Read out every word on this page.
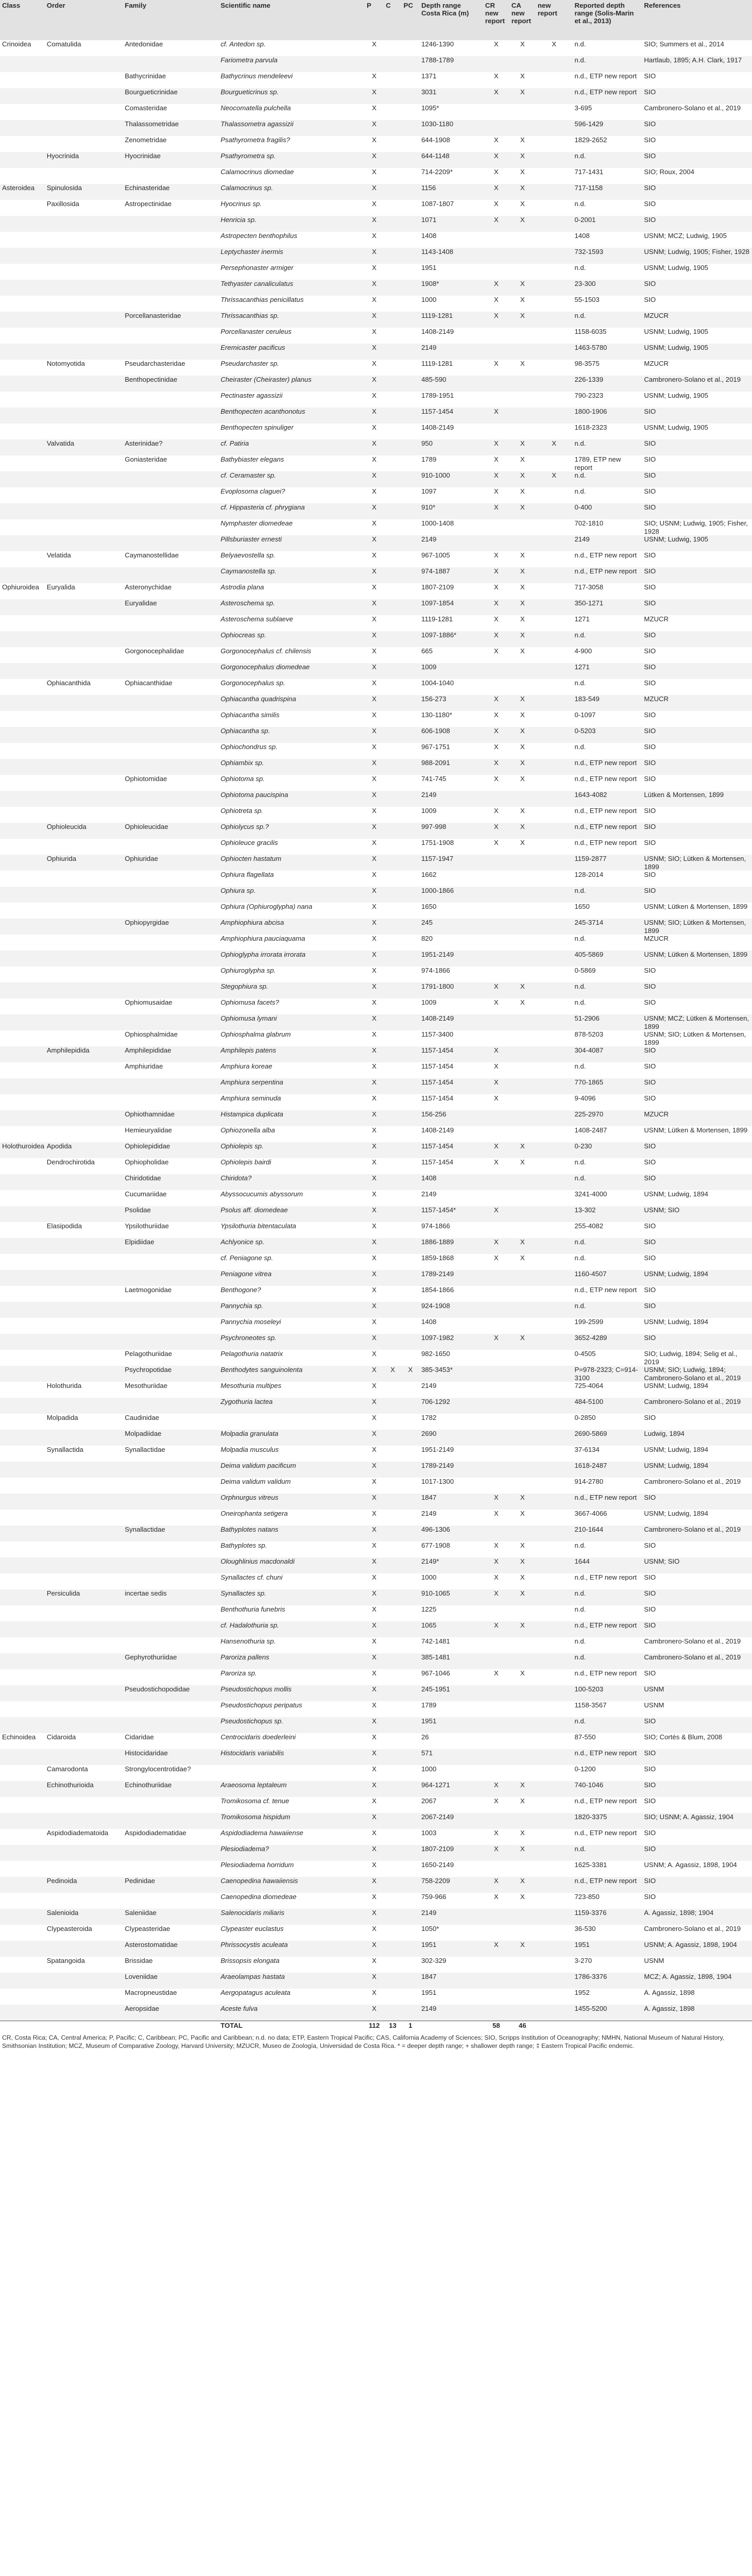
Class	Order	Family	Scientific name	P	C	PC	Depth range Costa Rica (m)	CR new report	CA new report	new report	Reported depth range (Solis-Marin et al., 2013)	References
Crinoidea	Comatulida	Antedonidae	cf. Antedon sp.	X			1246-1390	X	X	X	n.d.	SIO; Summers et al., 2014
			Fariometra parvula				1788-1789				n.d.	Hartlaub, 1895; A.H. Clark, 1917
		Bathycrinidae	Bathycrinus mendeleevi	X			1371	X	X		n.d., ETP new report	SIO
		Bourgueticrinidae	Bourgueticrinus sp.	X			3031	X	X		n.d., ETP new report	SIO
		Comasteridae	Neocomatella pulchella	X			1095*				3-695	Cambronero-Solano et al., 2019
		Thalassometridae	Thalassometra agassizii	X			1030-1180				596-1429	SIO
		Zenometridae	Psathyrometra fragilis?	X			644-1908	X	X		1829-2652	SIO
	Hyocrinida	Hyocrinidae	Psathyrometra sp.	X			644-1148	X	X		n.d.	SIO
			Calamocrinus diomedae	X			714-2209*	X	X		717-1431	SIO; Roux, 2004
Asteroidea	Spinulosida	Echinasteridae	Calamocrinus sp.	X			1156	X	X		717-1158	SIO
	Paxillosida	Astropectinidae	Hyocrinus sp.	X			1087-1807	X	X		n.d.	SIO
			Henricia sp.	X			1071	X	X		0-2001	SIO
			Astropecten benthophilus	X			1408				1408	USNM; MCZ; Ludwig, 1905
			Leptychaster inermis	X			1143-1408				732-1593	USNM; Ludwig, 1905; Fisher, 1928
			Persephonaster armiger	X			1951				n.d.	USNM; Ludwig, 1905
			Tethyaster canaliculatus	X			1908*	X	X		23-300	SIO
			Thrissacanthias penicillatus	X			1000	X	X		55-1503	SIO
		Porcellanasteridae	Thrissacanthias sp.	X			1119-1281	X	X		n.d.	MZUCR
			Porcellanaster ceruleus	X			1408-2149				1158-6035	USNM; Ludwig, 1905
			Eremicaster pacificus	X			2149				1463-5780	USNM; Ludwig, 1905
	Notomyotida	Pseudarchasteridae	Pseudarchaster sp.	X			1119-1281	X	X		98-3575	MZUCR
		Benthopectinidae	Cheiraster (Cheiraster) planus	X			485-590				226-1339	Cambronero-Solano et al., 2019
			Pectinaster agassizii	X			1789-1951				790-2323	USNM; Ludwig, 1905
			Benthopecten acanthonotus	X			1157-1454	X			1800-1906	SIO
			Benthopecten spinuliger	X			1408-2149				1618-2323	USNM; Ludwig, 1905
	Valvatida	Asterinidae?	cf. Patiria	X			950	X	X	X	n.d.	SIO
		Goniasteridae	Bathybiaster elegans	X			1789	X	X		1789, ETP new report	SIO
			cf. Ceramaster sp.	X			910-1000	X	X	X	n.d.	SIO
			Evoplosoma claguei?	X			1097	X	X		n.d.	SIO
			cf. Hippasteria cf. phrygiana	X			910*	X	X		0-400	SIO
			Nymphaster diomedeae	X			1000-1408				702-1810	SIO; USNM; Ludwig, 1905; Fisher, 1928
			Pillsburiaster ernesti	X			2149				2149	USNM; Ludwig, 1905
	Velatida	Caymanostellidae	Belyaevostella sp.	X			967-1005	X	X		n.d., ETP new report	SIO
			Caymanostella sp.	X			974-1887	X	X		n.d., ETP new report	SIO
Ophiuroidea	Euryalida	Asteronychidae	Astrodia plana	X			1807-2109	X	X		717-3058	SIO
		Euryalidae	Asteroschema sp.	X			1097-1854	X	X		350-1271	SIO
			Asteroschema sublaeve	X			1119-1281	X	X		1271	MZUCR
			Ophiocreas sp.	X			1097-1886*	X	X		n.d.	SIO
		Gorgonocephalidae	Gorgonocephalus cf. chilensis	X			665	X	X		4-900	SIO
			Gorgonocephalus diomedeae	X			1009				1271	SIO
	Ophiacanthida	Ophiacanthidae	Gorgonocephalus sp.	X			1004-1040				n.d.	SIO
			Ophiacantha quadrispina	X			156-273	X	X		183-549	MZUCR
			Ophiacantha similis	X			130-1180*	X	X		0-1097	SIO
			Ophiacantha sp.	X			606-1908	X	X		0-5203	SIO
			Ophiochondrus sp.	X			967-1751	X	X		n.d.	SIO
			Ophiambix sp.	X			988-2091	X	X		n.d., ETP new report	SIO
		Ophiotomidae	Ophiotoma sp.	X			741-745	X	X		n.d., ETP new report	SIO
			Ophiotoma paucispina	X			2149				1643-4082	Lütken & Mortensen, 1899
			Ophiotreta sp.	X			1009	X	X		n.d., ETP new report	SIO
	Ophioleucida	Ophioleucidae	Ophiolycus sp.?	X			997-998	X	X		n.d., ETP new report	SIO
			Ophioleuce gracilis	X			1751-1908	X	X		n.d., ETP new report	SIO
	Ophiurida	Ophiuridae	Ophiocten hastatum	X			1157-1947				1159-2877	USNM; SIO; Lütken & Mortensen, 1899
			Ophiura flagellata	X			1662				128-2014	SIO
			Ophiura sp.	X			1000-1866				n.d.	SIO
			Ophiura (Ophiuroglypha) nana	X			1650				1650	USNM; Lütken & Mortensen, 1899
		Ophiopyrgidae	Amphiophiura abcisa	X			245				245-3714	USNM; SIO; Lütken & Mortensen, 1899
			Amphiophiura pauciaquama	X			820				n.d.	MZUCR
			Ophioglypha irrorata irrorata	X			1951-2149				405-5869	USNM; Lütken & Mortensen, 1899
			Ophiuroglypha sp.	X			974-1866				0-5869	SIO
			Stegophiura sp.	X			1791-1800	X	X		n.d.	SIO
		Ophiomusaidae	Ophiomusa facets?	X			1009	X	X		n.d.	SIO
			Ophiomusa lymani	X			1408-2149				51-2906	USNM; MCZ; Lütken & Mortensen, 1899
		Ophiosphalmidae	Ophiosphalma glabrum	X			1157-3400				878-5203	USNM; SIO; Lütken & Mortensen, 1899
	Amphilepidida	Amphilepididae	Amphilepis patens	X			1157-1454	X			304-4087	SIO
		Amphiuridae	Amphiura koreae	X			1157-1454	X			n.d.	SIO
			Amphiura serpentina	X			1157-1454	X			770-1865	SIO
			Amphiura seminuda	X			1157-1454	X			9-4096	SIO
		Ophiothamnidae	Histampica duplicata	X			156-256				225-2970	MZUCR
		Hemieuryalidae	Ophiozonella alba	X			1408-2149				1408-2487	USNM; Lütken & Mortensen, 1899
Holothuroidea	Apodida	Ophiolepididae	Ophiolepis sp.	X			1157-1454	X	X		0-230	SIO
	Dendrochirotida	Ophiopholidae	Ophiolepis bairdi	X			1157-1454	X	X		n.d.	SIO
		Chiridotidae	Chiridota?	X			1408				n.d.	SIO
		Cucumariidae	Abyssocucumis abyssorum	X			2149				3241-4000	USNM; Ludwig, 1894
		Psolidae	Psolus aff. diomedeae	X			1157-1454*	X			13-302	USNM; SIO
	Elasipodida	Ypsilothuriidae	Ypsilothuria bitentaculata	X			974-1866				255-4082	SIO
		Elpidiidae	Achlyonice sp.	X			1886-1889	X	X		n.d.	SIO
			cf. Peniagone sp.	X			1859-1868	X	X		n.d.	SIO
			Peniagone vitrea	X			1789-2149				1160-4507	USNM; Ludwig, 1894
		Laetmogonidae	Benthogone?	X			1854-1866				n.d., ETP new report	SIO
			Pannychia sp.	X			924-1908				n.d.	SIO
			Pannychia moseleyi	X			1408				199-2599	USNM; Ludwig, 1894
			Psychroneotes sp.	X			1097-1982	X	X		3652-4289	SIO
		Pelagothuriidae	Pelagothuria natatrix	X			982-1650				0-4505	SIO; Ludwig, 1894; Selig et al., 2019
		Psychropotidae	Benthodytes sanguinolenta	X	X	X	385-3453*				P=978-2323; C=914-3100	USNM; SIO; Ludwig, 1894; Cambronero-Solano et al., 2019
	Holothurida	Mesothuriidae	Mesothuria multipes	X			2149				725-4064	USNM; Ludwig, 1894
			Zygothuria lactea	X			706-1292				484-5100	Cambronero-Solano et al., 2019
	Molpadida	Caudinidae		X			1782				0-2850	SIO
		Molpadiidae	Molpadia granulata	X			2690				2690-5869	Ludwig, 1894
	Synallactida	Synallactidae	Molpadia musculus	X			1951-2149				37-6134	USNM; Ludwig, 1894
			Deima validum pacificum	X			1789-2149				1618-2487	USNM; Ludwig, 1894
			Deima validum validum	X			1017-1300				914-2780	Cambronero-Solano et al., 2019
			Orphnurgus vitreus	X			1847	X	X		n.d., ETP new report	SIO
			Oneirophanta setigera	X			2149	X	X		3667-4066	USNM; Ludwig, 1894
		Synallactidae	Bathyplotes natans	X			496-1306				210-1644	Cambronero-Solano et al., 2019
			Bathyplotes sp.	X			677-1908	X	X		n.d.	SIO
			Oloughlinius macdonaldi	X			2149*	X	X		1644	USNM; SIO
			Synallactes cf. chuni	X			1000	X	X		n.d., ETP new report	SIO
	Persiculida	incertae sedis	Synallactes sp.	X			910-1065	X	X		n.d.	SIO
			Benthothuria funebris	X			1225				n.d.	SIO
			cf. Hadalothuria sp.	X			1065	X	X		n.d., ETP new report	SIO
			Hansenothuria sp.	X			742-1481				n.d.	Cambronero-Solano et al., 2019
		Gephyrothuriidae	Paroriza pallens	X			385-1481				n.d.	Cambronero-Solano et al., 2019
			Paroriza sp.	X			967-1046	X	X		n.d., ETP new report	SIO
		Pseudostichopodidae	Pseudostichopus mollis	X			245-1951				100-5203	USNM
			Pseudostichopus peripatus	X			1789				1158-3567	USNM
			Pseudostichopus sp.	X			1951				n.d.	SIO
Echinoidea	Cidaroida	Cidaridae	Centrocidaris doederleini	X			26				87-550	SIO; Cortés & Blum, 2008
		Histocidaridae	Histocidaris variabilis	X			571				n.d., ETP new report	SIO
	Camarodonta	Strongylocentrotidae?		X			1000				0-1200	SIO
	Echinothurioida	Echinothuriidae	Araeosoma leptaleum	X			964-1271	X	X		740-1046	SIO
			Tromikosoma cf. tenue	X			2067	X	X		n.d., ETP new report	SIO
			Tromikosoma hispidum	X			2067-2149				1820-3375	SIO; USNM; A. Agassiz, 1904
	Aspidodiadematoida	Aspidodiadematidae	Aspidodiadema hawaiiense	X			1003	X	X		n.d., ETP new report	SIO
			Plesiodiadema?	X			1807-2109	X	X		n.d.	SIO
			Plesiodiadema horridum	X			1650-2149				1625-3381	USNM; A. Agassiz, 1898, 1904
	Pedinoida	Pedinidae	Caenopedina hawaiiensis	X			758-2209	X	X		n.d., ETP new report	SIO
			Caenopedina diomedeae	X			759-966	X	X		723-850	SIO
	Salenioida	Saleniidae	Salenocidaris miliaris	X			2149				1159-3376	A. Agassiz, 1898; 1904
	Clypeasteroida	Clypeasteridae	Clypeaster euclastus	X			1050*				36-530	Cambronero-Solano et al., 2019
		Asterostomatidae	Phrissocystis aculeata	X			1951	X	X		1951	USNM; A. Agassiz, 1898, 1904
	Spatangoida	Brissidae	Brissopsis elongata	X			302-329				3-270	USNM
		Loveniidae	Araeolampas hastata	X			1847				1786-3376	MCZ; A. Agassiz, 1898, 1904
		Macropneustidae	Aergopatagus aculeata	X			1951				1952	A. Agassiz, 1898
		Aeropsidae	Aceste fulva	X			2149				1455-5200	A. Agassiz, 1898
			TOTAL	112	13	1		58	46			
CR, Costa Rica; CA, Central America; P, Pacific; C, Caribbean; PC, Pacific and Caribbean; n.d. no data; ETP, Eastern Tropical Pacific; CAS, California Academy of Sciences; SIO, Scripps Institution of Oceanography; NMHN, National Museum of Natural History, Smithsonian Institution; MCZ, Museum of Comparative Zoology, Harvard University; MZUCR, Museo de Zoología, Universidad de Costa Rica. * = deeper depth range; + shallower depth range; ‡ Eastern Tropical Pacific endemic.
